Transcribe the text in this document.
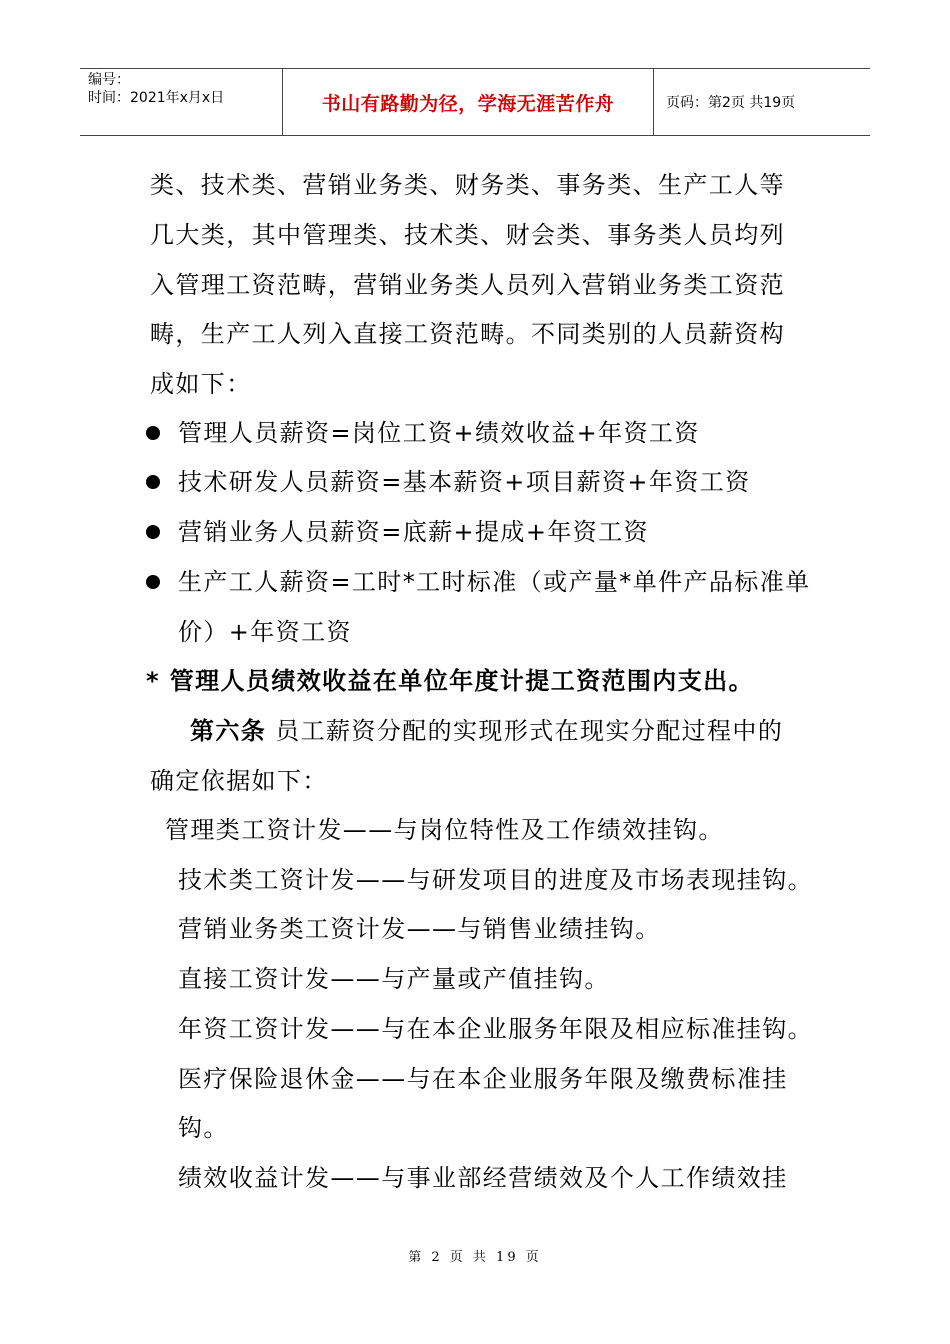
编号：
时间：2021年x月x日	书山有路勤为径，学海无涯苦作舟	页码：第2页 共19页
类、技术类、营销业务类、财务类、事务类、生产工人等
几大类，其中管理类、技术类、财会类、事务类人员均列
入管理工资范畴，营销业务类人员列入营销业务类工资范
畴，生产工人列入直接工资范畴。不同类别的人员薪资构
成如下：
管理人员薪资=岗位工资+绩效收益+年资工资
技术研发人员薪资=基本薪资+项目薪资+年资工资
营销业务人员薪资=底薪+提成+年资工资
生产工人薪资=工时*工时标准（或产量*单件产品标准单
价）+年资工资
* 管理人员绩效收益在单位年度计提工资范围内支出。
第六条 员工薪资分配的实现形式在现实分配过程中的
确定依据如下：
管理类工资计发——与岗位特性及工作绩效挂钩。
技术类工资计发——与研发项目的进度及市场表现挂钩。
营销业务类工资计发——与销售业绩挂钩。
直接工资计发——与产量或产值挂钩。
年资工资计发——与在本企业服务年限及相应标准挂钩。
医疗保险退休金——与在本企业服务年限及缴费标准挂
钩。
绩效收益计发——与事业部经营绩效及个人工作绩效挂
第 2 页 共 19 页
